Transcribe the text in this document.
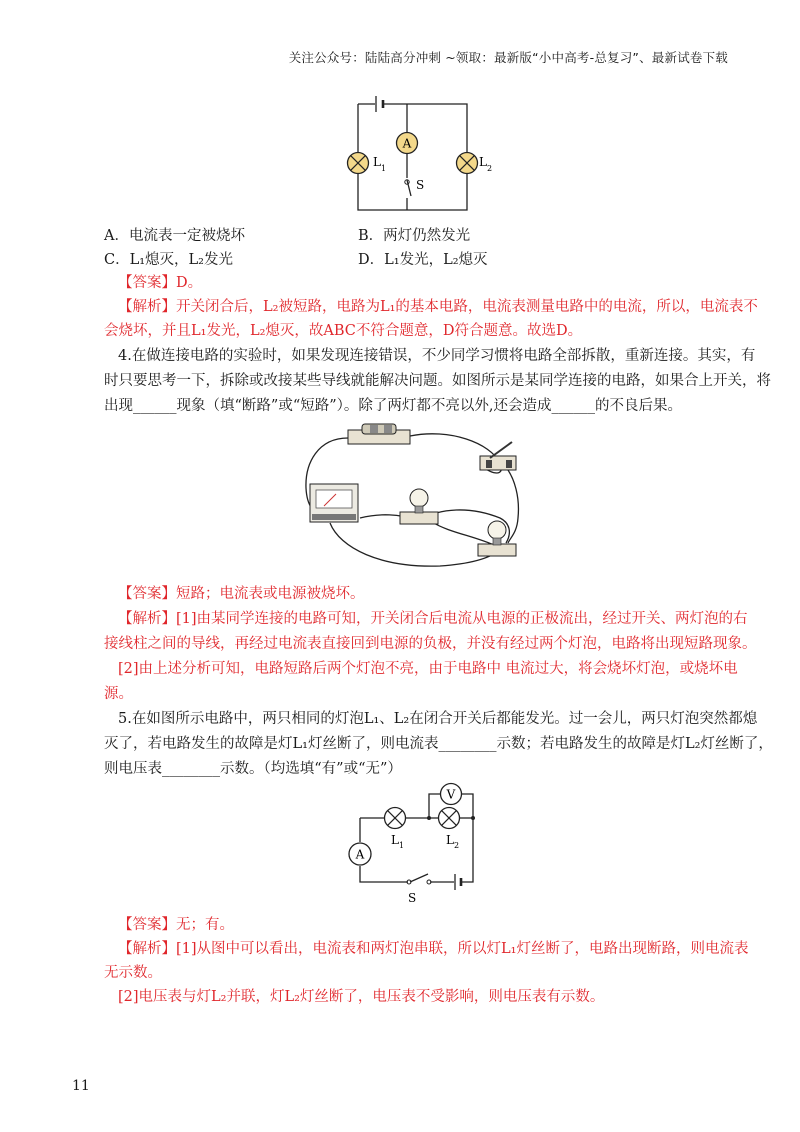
关注公众号：陆陆高分冲刺 ~领取：最新版“小中高考-总复习”、最新试卷下载
A
L 1	L 2
S
A．电流表一定被烧坏	B．两灯仍然发光
C．L₁熄灭，L₂发光	D．L₁发光，L₂熄灭
【答案】D。
【解析】开关闭合后，L₂被短路，电路为L₁的基本电路，电流表测量电路中的电流，所以，电流表不
会烧坏，并且L₁发光，L₂熄灭，故ABC不符合题意，D符合题意。故选D。
4.在做连接电路的实验时，如果发现连接错误，不少同学习惯将电路全部拆散，重新连接。其实，有
时只要思考一下，拆除或改接某些导线就能解决问题。如图所示是某同学连接的电路，如果合上开关，将
出现______现象（填“断路”或“短路”）。除了两灯都不亮以外,还会造成______的不良后果。
【答案】短路；电流表或电源被烧坏。
【解析】[1]由某同学连接的电路可知，开关闭合后电流从电源的正极流出，经过开关、两灯泡的右
接线柱之间的导线，再经过电流表直接回到电源的负极，并没有经过两个灯泡，电路将出现短路现象。
[2]由上述分析可知，电路短路后两个灯泡不亮，由于电路中 电流过大，将会烧坏灯泡，或烧坏电
源。
5.在如图所示电路中，两只相同的灯泡L₁、L₂在闭合开关后都能发光。过一会儿，两只灯泡突然都熄
灭了，若电路发生的故障是灯L₁灯丝断了，则电流表________示数；若电路发生的故障是灯L₂灯丝断了，
则电压表________示数。（均选填“有”或“无”）
V
A
L 1	L 2
S
【答案】无；有。
【解析】[1]从图中可以看出，电流表和两灯泡串联，所以灯L₁灯丝断了，电路出现断路，则电流表
无示数。
[2]电压表与灯L₂并联，灯L₂灯丝断了，电压表不受影响，则电压表有示数。
11
